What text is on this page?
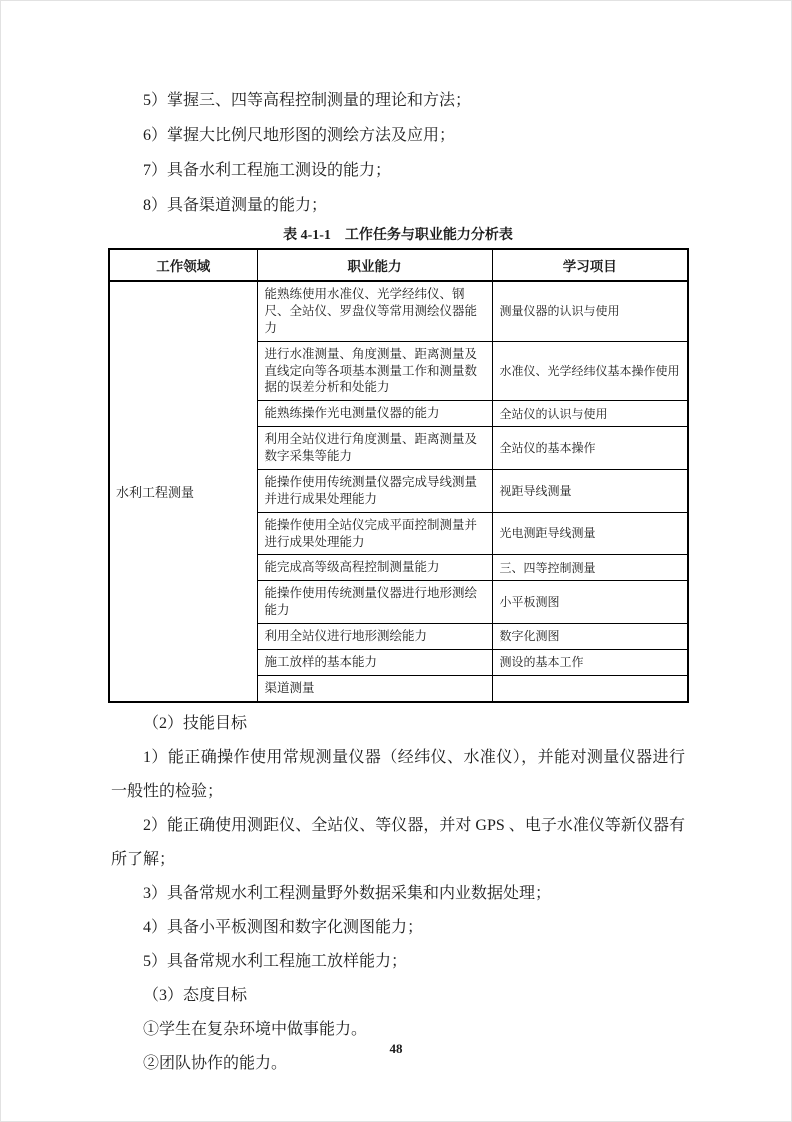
5）掌握三、四等高程控制测量的理论和方法；

6）掌握大比例尺地形图的测绘方法及应用；

7）具备水利工程施工测设的能力；

8）具备渠道测量的能力；

表 4-1-1　工作任务与职业能力分析表
工作领域	职业能力	学习项目
水利工程测量	能熟练使用水准仪、光学经纬仪、钢尺、全站仪、罗盘仪等常用测绘仪器能力	测量仪器的认识与使用
	进行水准测量、角度测量、距离测量及直线定向等各项基本测量工作和测量数据的误差分析和处能力	水准仪、光学经纬仪基本操作使用
	能熟练操作光电测量仪器的能力	全站仪的认识与使用
	利用全站仪进行角度测量、距离测量及数字采集等能力	全站仪的基本操作
	能操作使用传统测量仪器完成导线测量并进行成果处理能力	视距导线测量
	能操作使用全站仪完成平面控制测量并进行成果处理能力	光电测距导线测量
	能完成高等级高程控制测量能力	三、四等控制测量
	能操作使用传统测量仪器进行地形测绘能力	小平板测图
	利用全站仪进行地形测绘能力	数字化测图
	施工放样的基本能力	测设的基本工作
	渠道测量	

（2）技能目标

1）能正确操作使用常规测量仪器（经纬仪、水准仪），并能对测量仪器进行一般性的检验；

2）能正确使用测距仪、全站仪、等仪器，并对 GPS 、电子水准仪等新仪器有所了解；

3）具备常规水利工程测量野外数据采集和内业数据处理；

4）具备小平板测图和数字化测图能力；

5）具备常规水利工程施工放样能力；

（3）态度目标

①学生在复杂环境中做事能力。

②团队协作的能力。

48
